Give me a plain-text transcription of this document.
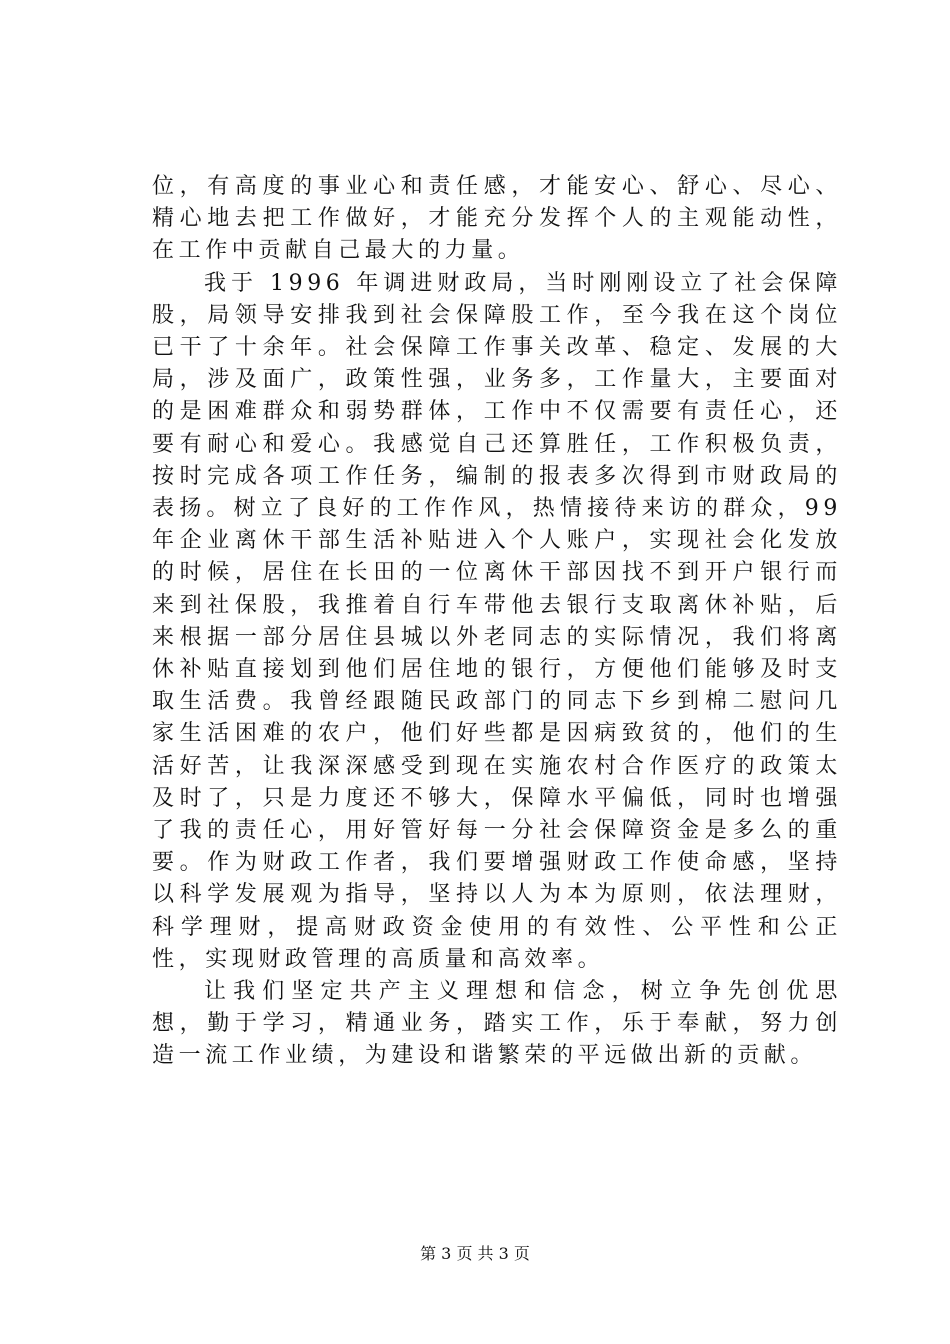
位，有高度的事业心和责任感，才能安心、舒心、尽心、精心地去把工作做好，才能充分发挥个人的主观能动性，在工作中贡献自己最大的力量。

我于 1996 年调进财政局，当时刚刚设立了社会保障股，局领导安排我到社会保障股工作，至今我在这个岗位已干了十余年。社会保障工作事关改革、稳定、发展的大局，涉及面广，政策性强，业务多，工作量大，主要面对的是困难群众和弱势群体，工作中不仅需要有责任心，还要有耐心和爱心。我感觉自己还算胜任，工作积极负责，按时完成各项工作任务，编制的报表多次得到市财政局的表扬。树立了良好的工作作风，热情接待来访的群众，99 年企业离休干部生活补贴进入个人账户，实现社会化发放的时候，居住在长田的一位离休干部因找不到开户银行而来到社保股，我推着自行车带他去银行支取离休补贴，后来根据一部分居住县城以外老同志的实际情况，我们将离休补贴直接划到他们居住地的银行，方便他们能够及时支取生活费。我曾经跟随民政部门的同志下乡到棉二慰问几家生活困难的农户，他们好些都是因病致贫的，他们的生活好苦，让我深深感受到现在实施农村合作医疗的政策太及时了，只是力度还不够大，保障水平偏低，同时也增强了我的责任心，用好管好每一分社会保障资金是多么的重要。作为财政工作者，我们要增强财政工作使命感，坚持以科学发展观为指导，坚持以人为本为原则，依法理财，科学理财，提高财政资金使用的有效性、公平性和公正性，实现财政管理的高质量和高效率。

让我们坚定共产主义理想和信念，树立争先创优思想，勤于学习，精通业务，踏实工作，乐于奉献，努力创造一流工作业绩，为建设和谐繁荣的平远做出新的贡献。

第 3 页 共 3 页
